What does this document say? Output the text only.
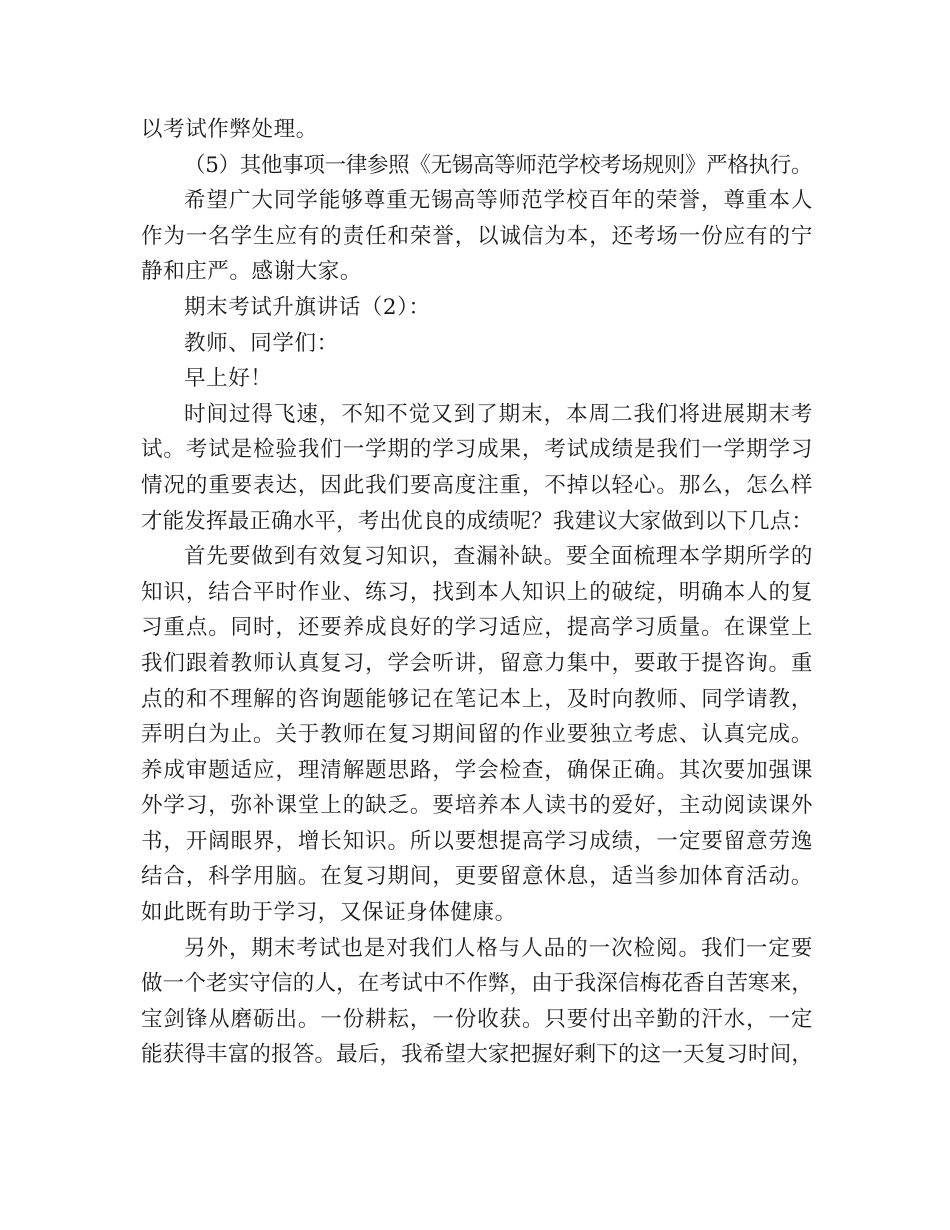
以考试作弊处理。
（5）其他事项一律参照《无锡高等师范学校考场规则》严格执行。
希望广大同学能够尊重无锡高等师范学校百年的荣誉，尊重本人
作为一名学生应有的责任和荣誉，以诚信为本，还考场一份应有的宁
静和庄严。感谢大家。
期末考试升旗讲话（2）：
教师、同学们：
早上好！
时间过得飞速，不知不觉又到了期末，本周二我们将进展期末考
试。考试是检验我们一学期的学习成果，考试成绩是我们一学期学习
情况的重要表达，因此我们要高度注重，不掉以轻心。那么，怎么样
才能发挥最正确水平，考出优良的成绩呢？我建议大家做到以下几点：
首先要做到有效复习知识，查漏补缺。要全面梳理本学期所学的
知识，结合平时作业、练习，找到本人知识上的破绽，明确本人的复
习重点。同时，还要养成良好的学习适应，提高学习质量。在课堂上
我们跟着教师认真复习，学会听讲，留意力集中，要敢于提咨询。重
点的和不理解的咨询题能够记在笔记本上，及时向教师、同学请教，
弄明白为止。关于教师在复习期间留的作业要独立考虑、认真完成。
养成审题适应，理清解题思路，学会检查，确保正确。其次要加强课
外学习，弥补课堂上的缺乏。要培养本人读书的爱好，主动阅读课外
书，开阔眼界，增长知识。所以要想提高学习成绩，一定要留意劳逸
结合，科学用脑。在复习期间，更要留意休息，适当参加体育活动。
如此既有助于学习，又保证身体健康。
另外，期末考试也是对我们人格与人品的一次检阅。我们一定要
做一个老实守信的人，在考试中不作弊，由于我深信梅花香自苦寒来，
宝剑锋从磨砺出。一份耕耘，一份收获。只要付出辛勤的汗水，一定
能获得丰富的报答。最后，我希望大家把握好剩下的这一天复习时间，
